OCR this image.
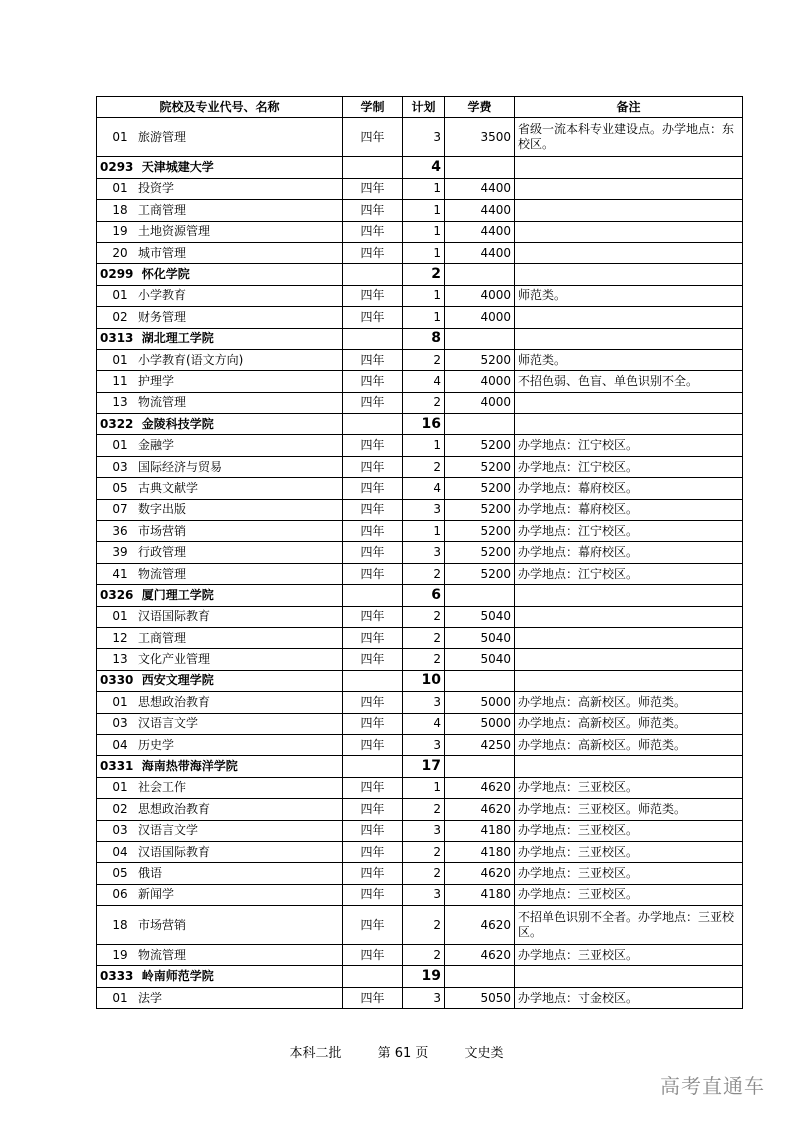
院校及专业代号、名称	学制	计划	学费	备注

01 旅游管理	四年	3	3500	省级一流本科专业建设点。办学地点：东校区。
0293 天津城建大学		4		

01 投资学	四年	1	4400	

18 工商管理	四年	1	4400	

19 土地资源管理	四年	1	4400	

20 城市管理	四年	1	4400	
0299 怀化学院		2		

01 小学教育	四年	1	4000	师范类。

02 财务管理	四年	1	4000	
0313 湖北理工学院		8		

01 小学教育(语文方向)	四年	2	5200	师范类。

11 护理学	四年	4	4000	不招色弱、色盲、单色识别不全。

13 物流管理	四年	2	4000	
0322 金陵科技学院		16		

01 金融学	四年	1	5200	办学地点：江宁校区。

03 国际经济与贸易	四年	2	5200	办学地点：江宁校区。

05 古典文献学	四年	4	5200	办学地点：幕府校区。

07 数字出版	四年	3	5200	办学地点：幕府校区。

36 市场营销	四年	1	5200	办学地点：江宁校区。

39 行政管理	四年	3	5200	办学地点：幕府校区。

41 物流管理	四年	2	5200	办学地点：江宁校区。
0326 厦门理工学院		6		

01 汉语国际教育	四年	2	5040	

12 工商管理	四年	2	5040	

13 文化产业管理	四年	2	5040	
0330 西安文理学院		10		

01 思想政治教育	四年	3	5000	办学地点：高新校区。师范类。

03 汉语言文学	四年	4	5000	办学地点：高新校区。师范类。

04 历史学	四年	3	4250	办学地点：高新校区。师范类。
0331 海南热带海洋学院		17		

01 社会工作	四年	1	4620	办学地点：三亚校区。

02 思想政治教育	四年	2	4620	办学地点：三亚校区。师范类。

03 汉语言文学	四年	3	4180	办学地点：三亚校区。

04 汉语国际教育	四年	2	4180	办学地点：三亚校区。

05 俄语	四年	2	4620	办学地点：三亚校区。

06 新闻学	四年	3	4180	办学地点：三亚校区。

18 市场营销	四年	2	4620	不招单色识别不全者。办学地点：三亚校区。

19 物流管理	四年	2	4620	办学地点：三亚校区。
0333 岭南师范学院		19		

01 法学	四年	3	5050	办学地点：寸金校区。
本科二批	第 61 页	文史类
高考直通车
